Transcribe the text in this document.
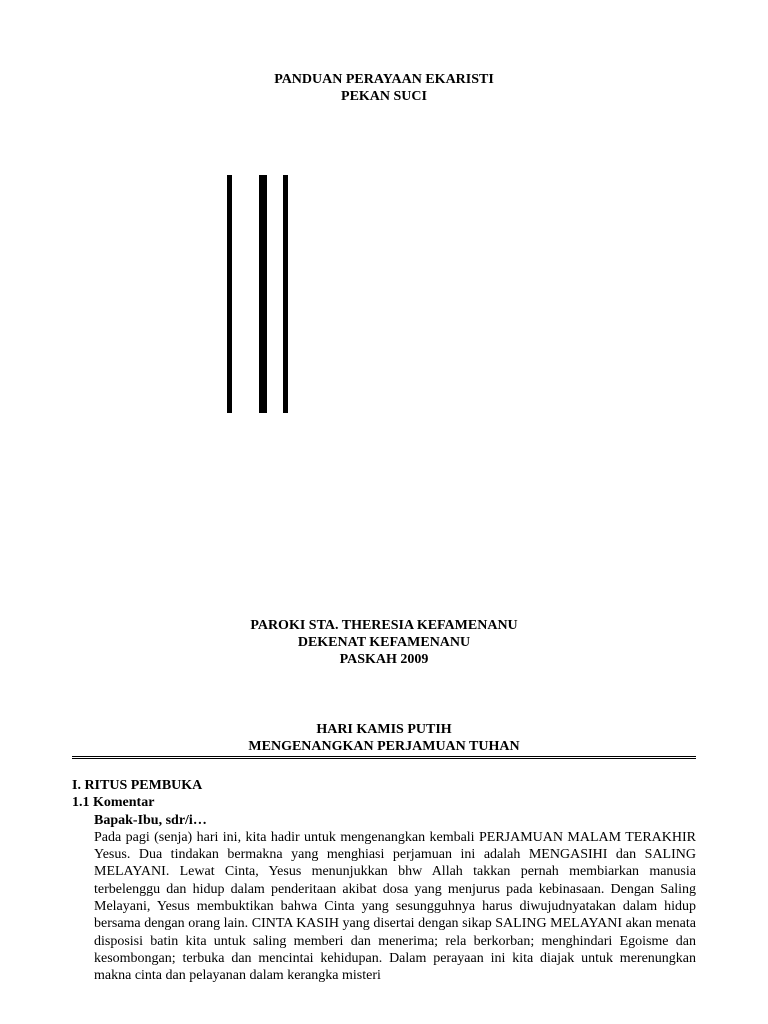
PANDUAN PERAYAAN EKARISTI
PEKAN SUCI
PAROKI STA. THERESIA KEFAMENANU
DEKENAT KEFAMENANU
PASKAH 2009
HARI KAMIS PUTIH
MENGENANGKAN PERJAMUAN TUHAN
I. RITUS PEMBUKA
1.1 Komentar
Bapak-Ibu, sdr/i…

Pada pagi (senja) hari ini, kita hadir untuk mengenangkan kembali PERJAMUAN MALAM TERAKHIR Yesus. Dua tindakan bermakna yang menghiasi perjamuan ini adalah MENGASIHI dan SALING MELAYANI. Lewat Cinta, Yesus menunjukkan bhw Allah takkan pernah membiarkan manusia terbelenggu dan hidup dalam penderitaan akibat dosa yang menjurus pada kebinasaan. Dengan Saling Melayani, Yesus membuktikan bahwa Cinta yang sesungguhnya harus diwujudnyatakan dalam hidup bersama dengan orang lain. CINTA KASIH yang disertai dengan sikap SALING MELAYANI akan menata disposisi batin kita untuk saling memberi dan menerima; rela berkorban; menghindari Egoisme dan kesombongan; terbuka dan mencintai kehidupan. Dalam perayaan ini kita diajak untuk merenungkan makna cinta dan pelayanan dalam kerangka misteri
